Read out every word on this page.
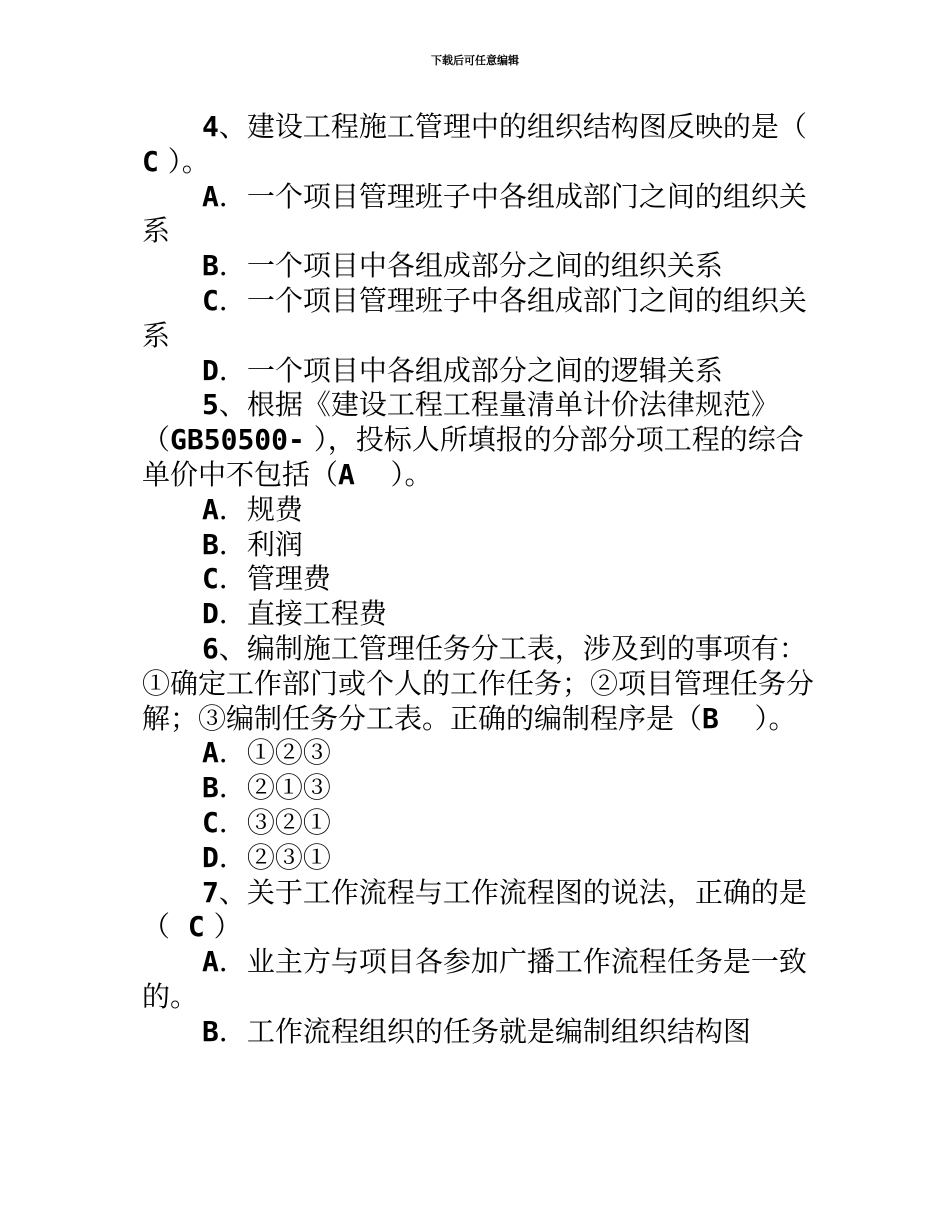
下载后可任意编辑

4、建设工程施工管理中的组织结构图反映的是（   C ）。

A．一个项目管理班子中各组成部门之间的组织关系

B．一个项目中各组成部分之间的组织关系

C．一个项目管理班子中各组成部门之间的组织关系

D．一个项目中各组成部分之间的逻辑关系

5、根据《建设工程工程量清单计价法律规范》（GB50500- ），投标人所填报的分部分项工程的综合单价中不包括（A ）。

A．规费

B．利润

C．管理费

D．直接工程费

6、编制施工管理任务分工表，涉及到的事项有：①确定工作部门或个人的工作任务；②项目管理任务分解；③编制任务分工表。正确的编制程序是（B ）。

A．①②③

B．②①③

C．③②①

D．②③①

7、关于工作流程与工作流程图的说法，正确的是（ C ）

A．业主方与项目各参加广播工作流程任务是一致的。

B．工作流程组织的任务就是编制组织结构图
